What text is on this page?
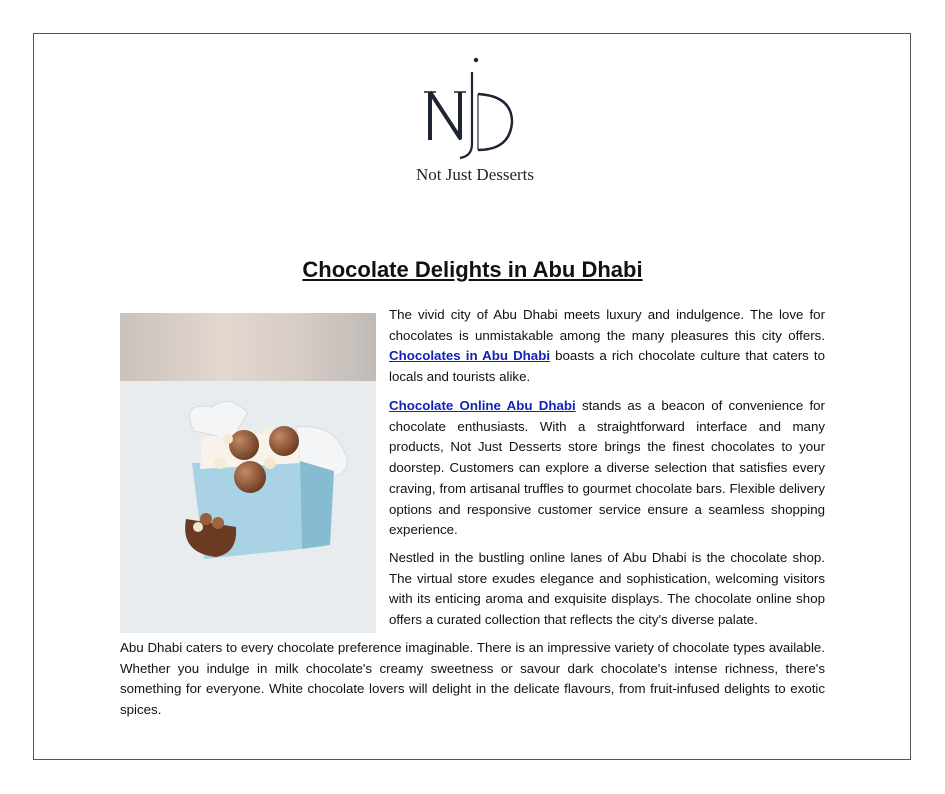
Not Just Desserts
Chocolate Delights in Abu Dhabi

The vivid city of Abu Dhabi meets luxury and indulgence. The love for chocolates is unmistakable among the many pleasures this city offers. Chocolates in Abu Dhabi boasts a rich chocolate culture that caters to locals and tourists alike.

Chocolate Online Abu Dhabi stands as a beacon of convenience for chocolate enthusiasts. With a straightforward interface and many products, Not Just Desserts store brings the finest chocolates to your doorstep. Customers can explore a diverse selection that satisfies every craving, from artisanal truffles to gourmet chocolate bars. Flexible delivery options and responsive customer service ensure a seamless shopping experience.

Nestled in the bustling online lanes of Abu Dhabi is the chocolate shop. The virtual store exudes elegance and sophistication, welcoming visitors with its enticing aroma and exquisite displays. The chocolate online shop offers a curated collection that reflects the city's diverse palate.

Abu Dhabi caters to every chocolate preference imaginable. There is an impressive variety of chocolate types available. Whether you indulge in milk chocolate's creamy sweetness or savour dark chocolate's intense richness, there's something for everyone. White chocolate lovers will delight in the delicate flavours, from fruit-infused delights to exotic spices.
